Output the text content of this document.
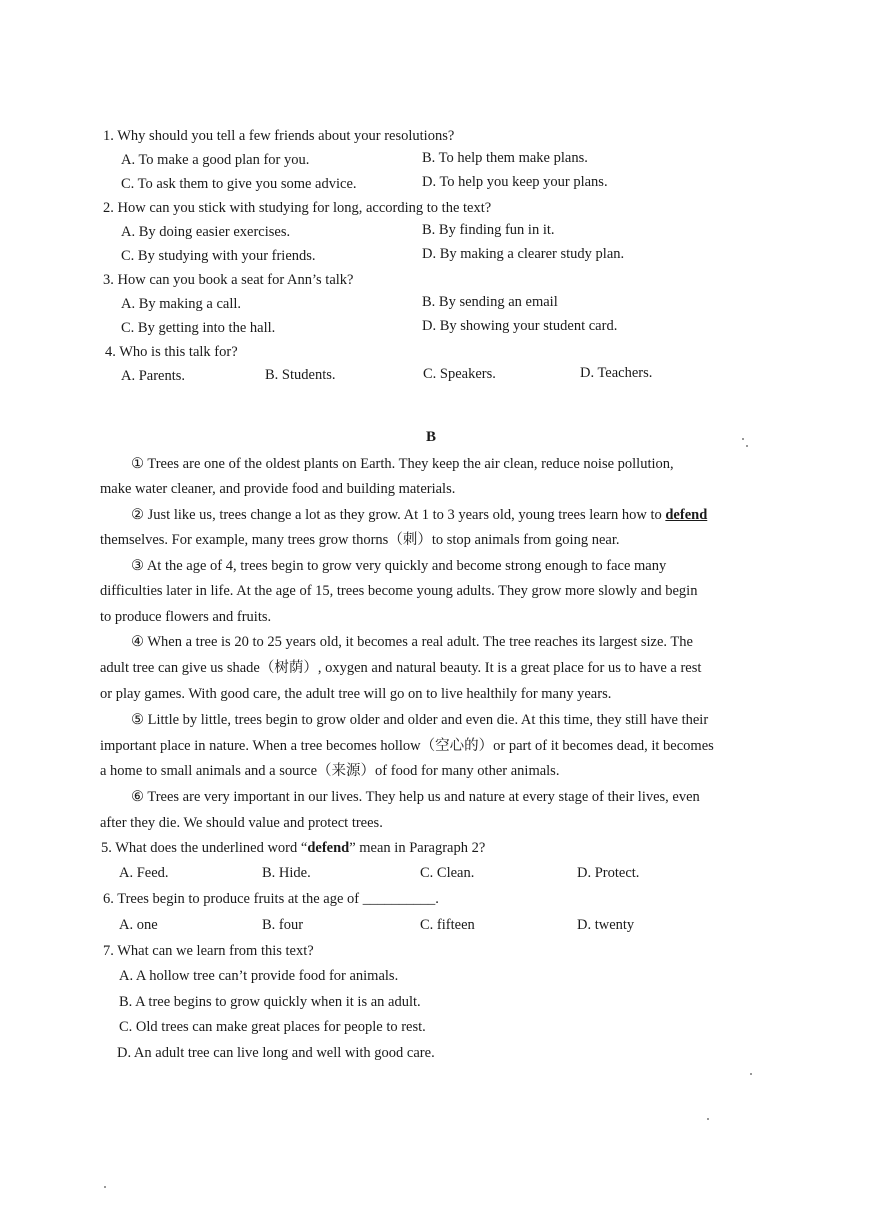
1. Why should you tell a few friends about your resolutions?
A. To make a good plan for you.	B. To help them make plans.
C. To ask them to give you some advice.	D. To help you keep your plans.
2. How can you stick with studying for long, according to the text?
A. By doing easier exercises.	B. By finding fun in it.
C. By studying with your friends.	D. By making a clearer study plan.
3. How can you book a seat for Ann’s talk?
A. By making a call.	B. By sending an email
C. By getting into the hall.	D. By showing your student card.
4. Who is this talk for?
A. Parents.	B. Students.	C. Speakers.	D. Teachers.
B
① Trees are one of the oldest plants on Earth. They keep the air clean, reduce noise pollution,
make water cleaner, and provide food and building materials.
② Just like us, trees change a lot as they grow. At 1 to 3 years old, young trees learn how to defend
themselves. For example, many trees grow thorns（刺）to stop animals from going near.
③ At the age of 4, trees begin to grow very quickly and become strong enough to face many
difficulties later in life. At the age of 15, trees become young adults. They grow more slowly and begin
to produce flowers and fruits.
④ When a tree is 20 to 25 years old, it becomes a real adult. The tree reaches its largest size. The
adult tree can give us shade（树荫）, oxygen and natural beauty. It is a great place for us to have a rest
or play games. With good care, the adult tree will go on to live healthily for many years.
⑤ Little by little, trees begin to grow older and older and even die. At this time, they still have their
important place in nature. When a tree becomes hollow（空心的）or part of it becomes dead, it becomes
a home to small animals and a source（来源）of food for many other animals.
⑥ Trees are very important in our lives. They help us and nature at every stage of their lives, even
after they die. We should value and protect trees.
5. What does the underlined word “defend” mean in Paragraph 2?
A. Feed.	B. Hide.	C. Clean.	D. Protect.
6. Trees begin to produce fruits at the age of __________.
A. one	B. four	C. fifteen	D. twenty
7. What can we learn from this text?
A. A hollow tree can’t provide food for animals.
B. A tree begins to grow quickly when it is an adult.
C. Old trees can make great places for people to rest.
D. An adult tree can live long and well with good care.
